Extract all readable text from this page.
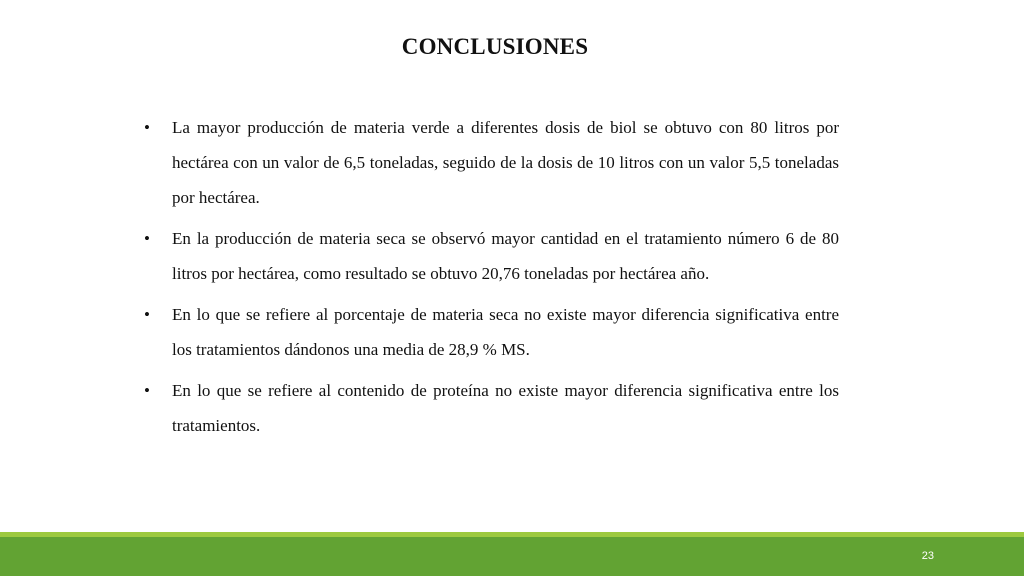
CONCLUSIONES
• La mayor producción de materia verde a diferentes dosis de biol se obtuvo con 80 litros por hectárea con un valor de 6,5 toneladas, seguido de la dosis de 10 litros con un valor 5,5 toneladas por hectárea.
• En la producción de materia seca se observó mayor cantidad en el tratamiento número 6 de 80 litros por hectárea, como resultado se obtuvo 20,76 toneladas por hectárea año.
• En lo que se refiere al porcentaje de materia seca no existe mayor diferencia significativa entre los tratamientos dándonos una media de 28,9 % MS.
• En lo que se refiere al contenido de proteína no existe mayor diferencia significativa entre los tratamientos.
23
